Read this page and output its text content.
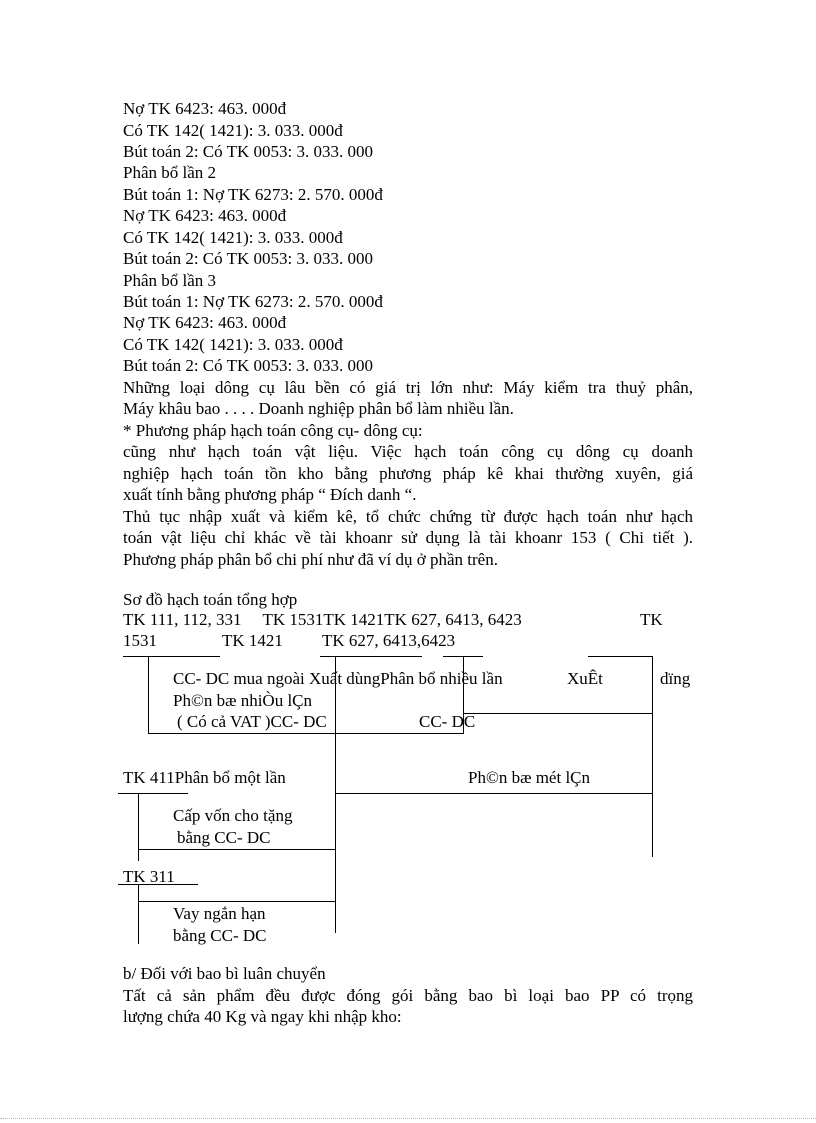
Nợ TK 6423: 463. 000đ
Có TK 142( 1421): 3. 033. 000đ
Bút toán 2: Có TK 0053: 3. 033. 000
Phân bổ lần 2
Bút toán 1: Nợ TK 6273: 2. 570. 000đ
Nợ TK 6423: 463. 000đ
Có TK 142( 1421): 3. 033. 000đ
Bút toán 2: Có TK 0053: 3. 033. 000
Phân bổ lần 3
Bút toán 1: Nợ TK 6273: 2. 570. 000đ
Nợ TK 6423: 463. 000đ
Có TK 142( 1421): 3. 033. 000đ
Bút toán 2: Có TK 0053: 3. 033. 000
Những loại dông cụ lâu bền có giá trị lớn như: Máy kiểm tra thuỷ phân,
Máy khâu bao . . . . Doanh nghiệp phân bổ làm nhiều lần.
* Phương pháp hạch toán công cụ- dông cụ:
cũng như hạch toán vật liệu. Việc hạch toán công cụ dông cụ doanh
nghiệp hạch toán tồn kho bằng phương pháp kê khai thường xuyên, giá
xuất tính bằng phương pháp “ Đích danh “.
Thủ tục nhập xuất và kiểm kê, tổ chức chứng từ được hạch toán như hạch
toán vật liệu chỉ khác về tài khoanr sử dụng là tài khoanr 153 ( Chi tiết ).
Phương pháp phân bổ chi phí như đã ví dụ ở phần trên.
Sơ đồ hạch toán tổng hợp
TK 111, 112, 331     TK 1531TK 1421TK 627, 6413, 6423	TK
1531	TK 1421 TK 627, 6413,6423
CC- DC mua ngoài Xuất dùngPhân bổ nhiều lần	XuÊt	dïng
Ph©n bæ nhiÒu lÇn
( Có cả VAT )CC- DC	CC- DC
TK 411Phân bổ một lần	Ph©n bæ mét lÇn
Cấp vốn cho tặng
bằng CC- DC
TK 311
Vay ngắn hạn
bằng CC- DC
b/ Đối với bao bì luân chuyển
Tất cả sản phẩm đều được đóng gói bằng bao bì loại bao PP có trọng
lượng chứa 40 Kg và ngay khi nhập kho:
